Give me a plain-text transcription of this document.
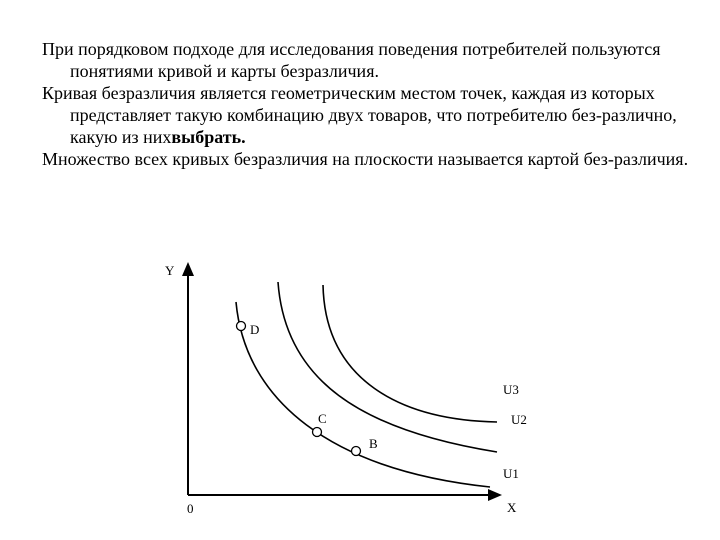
При порядковом подходе для исследования поведения потребителей пользуются понятиями кривой и карты безразличия.

Кривая безразличия является геометрическим местом точек, каждая из которых представляет такую комбинацию двух товаров, что потребителю без-различно, какую из нихвыбрать.

Множество всех кривых безразличия на плоскости называется картой без-различия.

Y
X
0
D
C
B
U3
U2
U1
